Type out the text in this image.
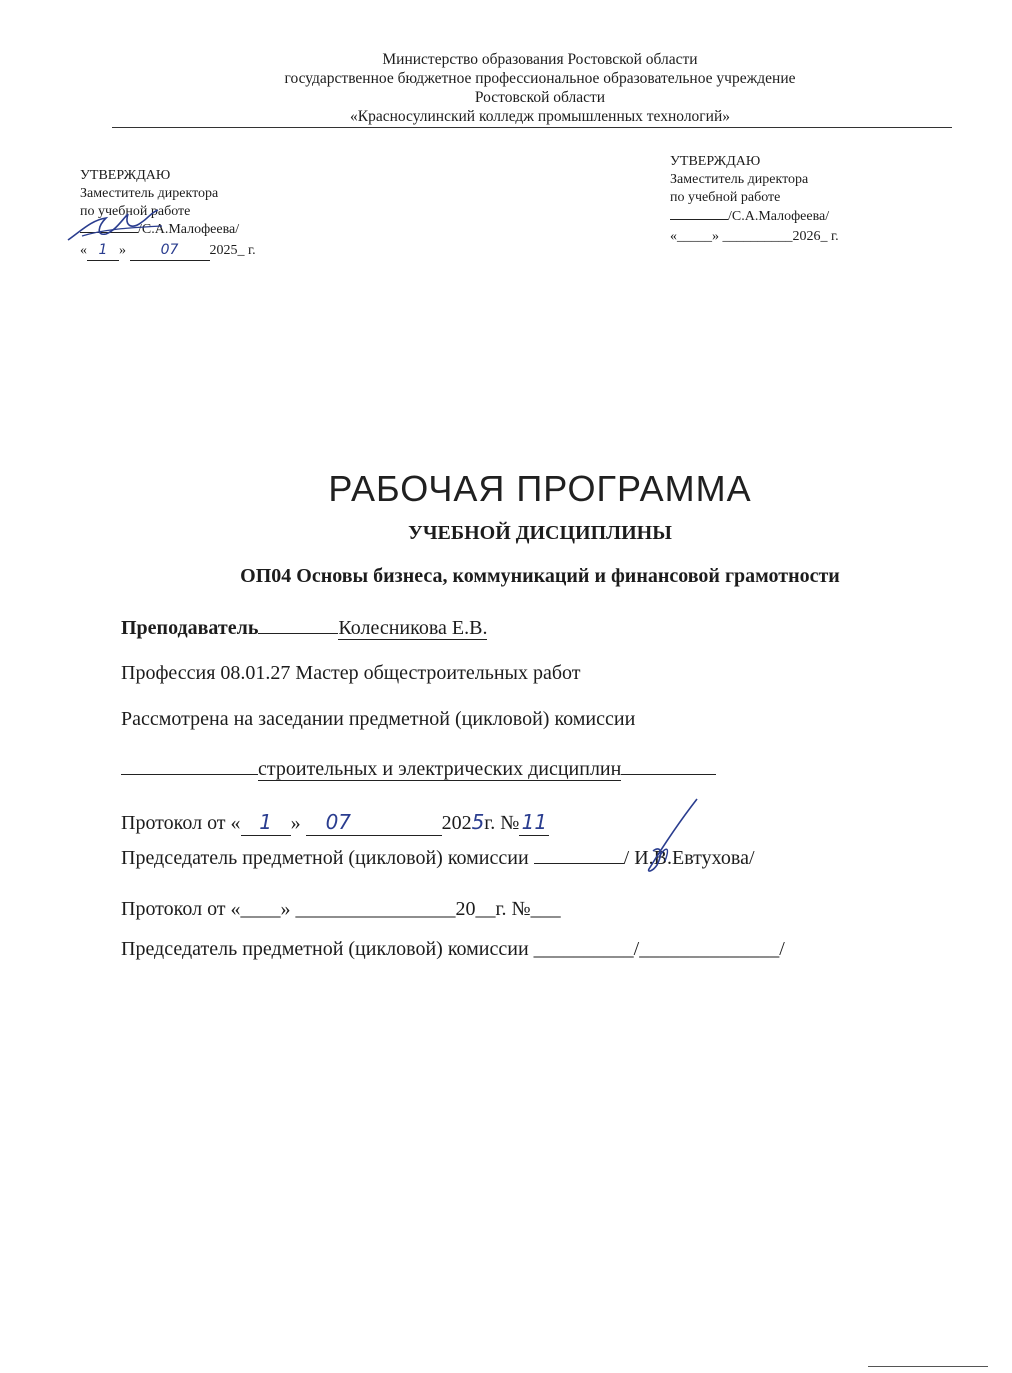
Министерство образования Ростовской области
государственное бюджетное профессиональное образовательное учреждение
Ростовской области
«Красносулинский колледж промышленных технологий»
УТВЕРЖДАЮ
Заместитель директора
по учебной работе
/С.А.Малофеева/
« 1 » 07 2025_ г.
УТВЕРЖДАЮ
Заместитель директора
по учебной работе
/С.А.Малофеева/
«_____» __________2026_ г.
РАБОЧАЯ ПРОГРАММА
УЧЕБНОЙ ДИСЦИПЛИНЫ
ОП04 Основы бизнеса, коммуникаций и финансовой грамотности
Преподаватель	Колесникова Е.В.
Профессия 08.01.27 Мастер общестроительных работ
Рассмотрена на заседании предметной (цикловой) комиссии
строительных и электрических дисциплин
Протокол от « 1 » 07	2025г. № 11
Председатель предметной (цикловой) комиссии	/ И.В.Евтухова/
Протокол от «____» ________________20__г. №___
Председатель предметной (цикловой) комиссии __________/______________/
